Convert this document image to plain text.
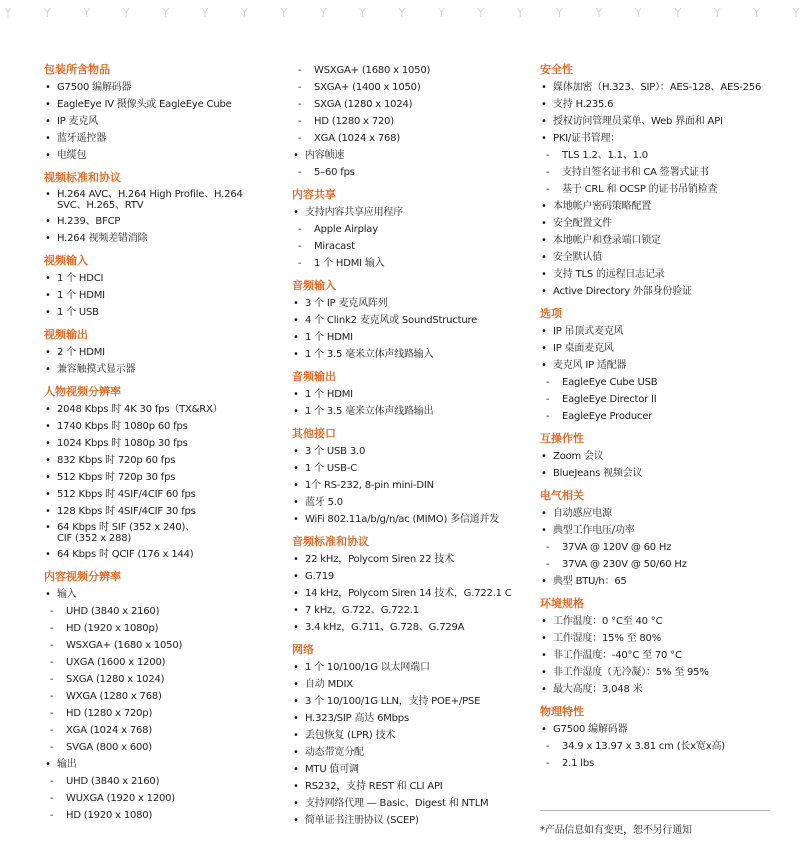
包装所含物品
• G7500 编解码器
• EagleEye IV 摄像头或 EagleEye Cube
• IP 麦克风
• 蓝牙遥控器
• 电缆包
视频标准和协议
• H.264 AVC、H.264 High Profile、H.264
SVC、H.265、RTV
• H.239、BFCP
• H.264 视频差错消除
视频输入
• 1 个 HDCI
• 1 个 HDMI
• 1 个 USB
视频输出
• 2 个 HDMI
• 兼容触摸式显示器
人物视频分辨率
• 2048 Kbps 时 4K 30 fps（TX&RX）
• 1740 Kbps 时 1080p 60 fps
• 1024 Kbps 时 1080p 30 fps
• 832 Kbps 时 720p 60 fps
• 512 Kbps 时 720p 30 fps
• 512 Kbps 时 4SIF/4CIF 60 fps
• 128 Kbps 时 4SIF/4CIF 30 fps
• 64 Kbps 时 SIF (352 x 240)、
CIF (352 x 288)
• 64 Kbps 时 QCIF (176 x 144)
内容视频分辨率
• 输入
- UHD (3840 x 2160)
- HD (1920 x 1080p)
- WSXGA+ (1680 x 1050)
- UXGA (1600 x 1200)
- SXGA (1280 x 1024)
- WXGA (1280 x 768)
- HD (1280 x 720p)
- XGA (1024 x 768)
- SVGA (800 x 600)
• 输出
- UHD (3840 x 2160)
- WUXGA (1920 x 1200)
- HD (1920 x 1080)
- WSXGA+ (1680 x 1050)
- SXGA+ (1400 x 1050)
- SXGA (1280 x 1024)
- HD (1280 x 720)
- XGA (1024 x 768)
• 内容帧速
- 5–60 fps
内容共享
• 支持内容共享应用程序
- Apple Airplay
- Miracast
- 1 个 HDMI 输入
音频输入
• 3 个 IP 麦克风阵列
• 4 个 Clink2 麦克风或 SoundStructure
• 1 个 HDMI
• 1 个 3.5 毫米立体声线路输入
音频输出
• 1 个 HDMI
• 1 个 3.5 毫米立体声线路输出
其他接口
• 3 个 USB 3.0
• 1 个 USB-C
• 1个 RS-232, 8-pin mini-DIN
• 蓝牙 5.0
• WiFi 802.11a/b/g/n/ac (MIMO) 多信道并发
音频标准和协议
• 22 kHz，Polycom Siren 22 技术
• G.719
• 14 kHz，Polycom Siren 14 技术，G.722.1 C
• 7 kHz，G.722、G.722.1
• 3.4 kHz，G.711、G.728、G.729A
网络
• 1 个 10/100/1G 以太网端口
• 自动 MDIX
• 3 个 10/100/1G LLN，支持 POE+/PSE
• H.323/SIP 高达 6Mbps
• 丢包恢复 (LPR) 技术
• 动态带宽分配
• MTU 值可调
• RS232，支持 REST 和 CLI API
• 支持网络代理 — Basic、Digest 和 NTLM
• 简单证书注册协议 (SCEP)
安全性
• 媒体加密（H.323、SIP）：AES-128、AES-256
• 支持 H.235.6
• 授权访问管理员菜单、Web 界面和 API
• PKI/证书管理：
- TLS 1.2、1.1、1.0
- 支持自签名证书和 CA 签署式证书
- 基于 CRL 和 OCSP 的证书吊销检查
• 本地帐户密码策略配置
• 安全配置文件
• 本地帐户和登录端口锁定
• 安全默认值
• 支持 TLS 的远程日志记录
• Active Directory 外部身份验证
选项
• IP 吊顶式麦克风
• IP 桌面麦克风
• 麦克风 IP 适配器
- EagleEye Cube USB
- EagleEye Director II
- EagleEye Producer
互操作性
• Zoom 会议
• BlueJeans 视频会议
电气相关
• 自动感应电源
• 典型工作电压/功率
- 37VA @ 120V @ 60 Hz
- 37VA @ 230V @ 50/60 Hz
• 典型 BTU/h：65
环境规格
• 工作温度：0 °C至 40 °C
• 工作湿度：15% 至 80%
• 非工作温度：-40°C 至 70 °C
• 非工作湿度（无冷凝）：5% 至 95%
• 最大高度：3,048 米
物理特性
• G7500 编解码器
- 34.9 x 13.97 x 3.81 cm (长x宽x高)
- 2.1 lbs
*产品信息如有变更，恕不另行通知
